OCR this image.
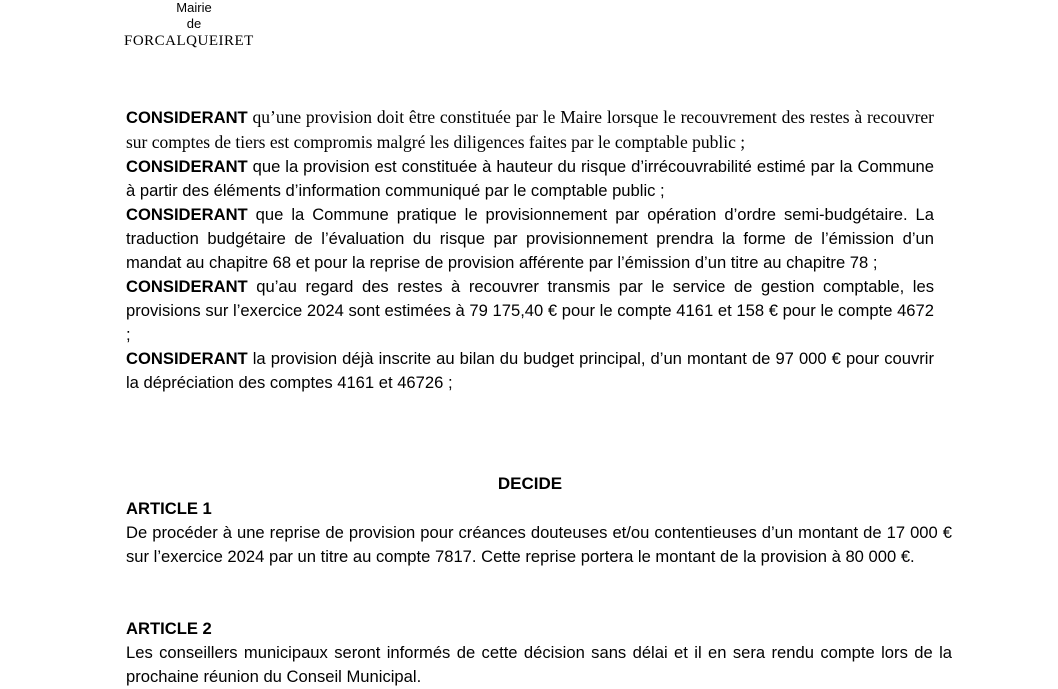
Mairie
de
FORCALQUEIRET

CONSIDERANT qu’une provision doit être constituée par le Maire lorsque le recouvrement des restes à recouvrer sur comptes de tiers est compromis malgré les diligences faites par le comptable public ;

CONSIDERANT que la provision est constituée à hauteur du risque d’irrécouvrabilité estimé par la Commune à partir des éléments d’information communiqué par le comptable public ;

CONSIDERANT que la Commune pratique le provisionnement par opération d’ordre semi-budgétaire. La traduction budgétaire de l’évaluation du risque par provisionnement prendra la forme de l’émission d’un mandat au chapitre 68 et pour la reprise de provision afférente par l’émission d’un titre au chapitre 78 ;

CONSIDERANT qu’au regard des restes à recouvrer transmis par le service de gestion comptable, les provisions sur l’exercice 2024 sont estimées à 79 175,40 € pour le compte 4161 et 158 € pour le compte 4672 ;

CONSIDERANT la provision déjà inscrite au bilan du budget principal, d’un montant de 97 000 € pour couvrir la dépréciation des comptes 4161 et 46726 ;

DECIDE

ARTICLE 1

De procéder à une reprise de provision pour créances douteuses et/ou contentieuses d’un montant de 17 000 € sur l’exercice 2024 par un titre au compte 7817. Cette reprise portera le montant de la provision à 80 000 €.

ARTICLE 2

Les conseillers municipaux seront informés de cette décision sans délai et il en sera rendu compte lors de la prochaine réunion du Conseil Municipal.
